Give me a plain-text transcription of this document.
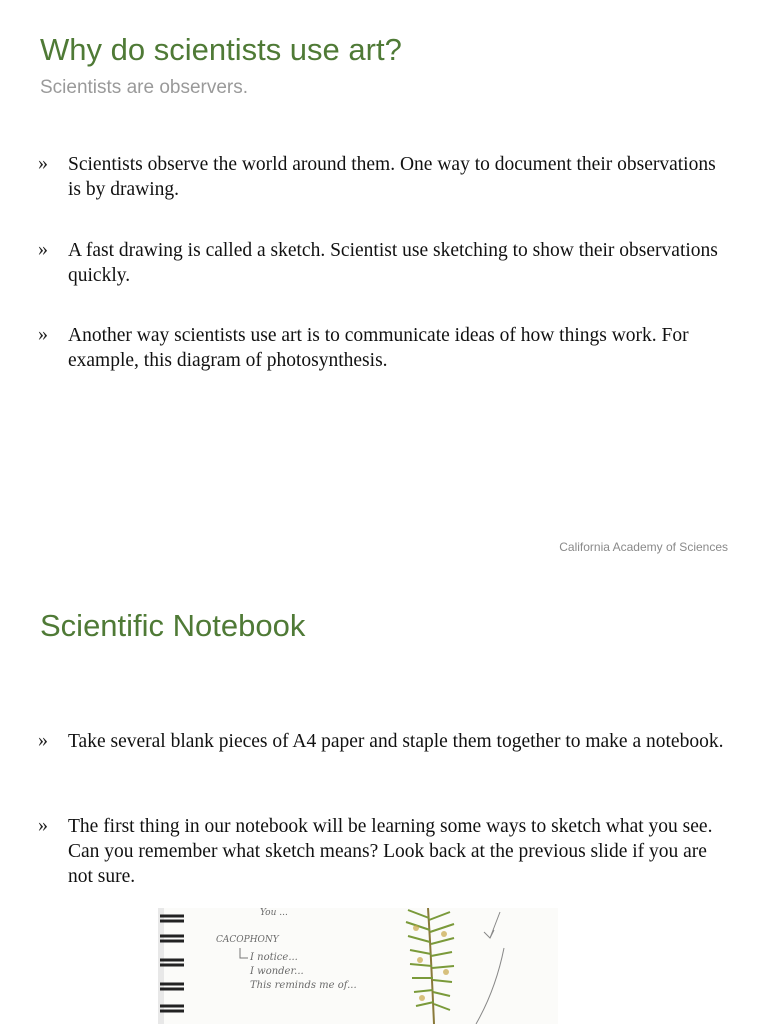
Why do scientists use art?

Scientists are observers.

» Scientists observe the world around them. One way to document their observations is by drawing.

» A fast drawing is called a sketch. Scientist use sketching to show their observations quickly.

» Another way scientists use art is to communicate ideas of how things work. For example, this diagram of photosynthesis.

California Academy of Sciences
Scientific Notebook
» Take several blank pieces of A4 paper and staple them together to make a notebook.

» The first thing in our notebook will be learning some ways to sketch what you see. Can you remember what sketch means? Look back at the previous slide if you are not sure.

You ...
CACOPHONY
I notice...
I wonder...
This reminds me of...
